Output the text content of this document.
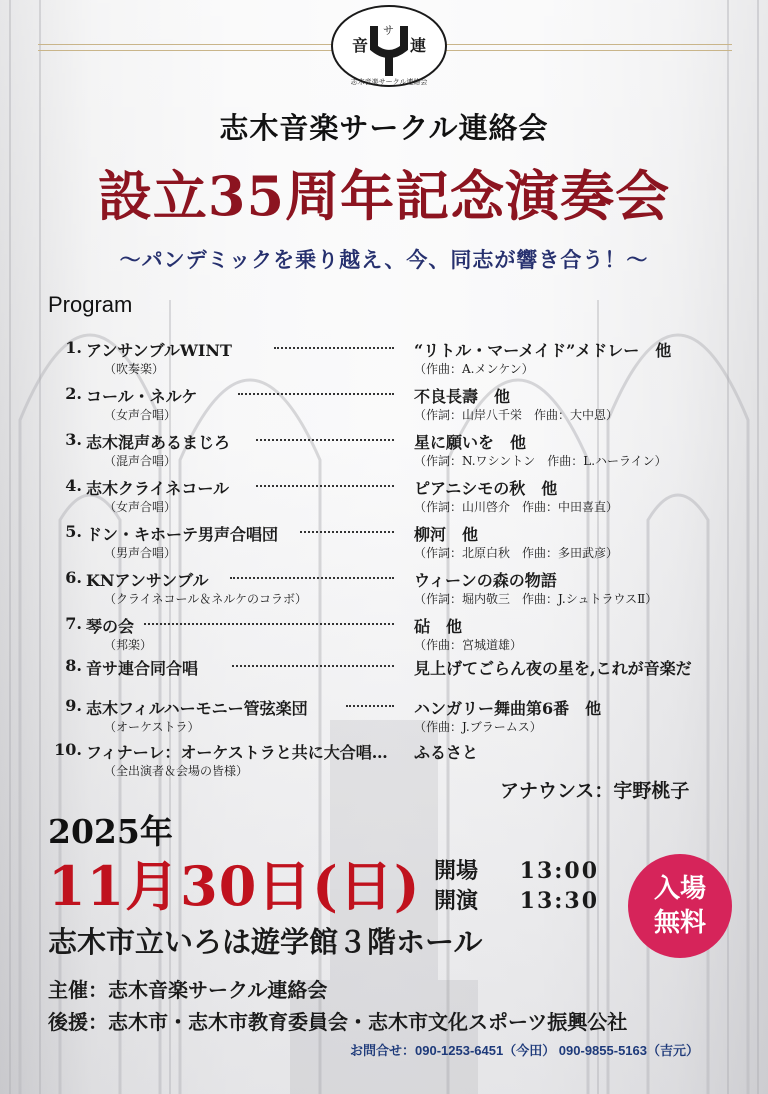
音
サ
連
志木音楽サークル連絡会
志木音楽サークル連絡会
設立35周年記念演奏会
～パンデミックを乗り越え、今、同志が響き合う！～
Program
1. アンサンブルWINT
（吹奏楽）
“リトル・マーメイド”メドレー　他
（作曲：A.メンケン）
2. コール・ネルケ
（女声合唱）
不良長壽　他
（作詞：山岸八千栄　作曲：大中恩）
3. 志木混声あるまじろ
（混声合唱）
星に願いを　他
（作詞：N.ワシントン　作曲：L.ハーライン）
4. 志木クライネコール
（女声合唱）
ピアニシモの秋　他
（作詞：山川啓介　作曲：中田喜直）
5. ドン・キホーテ男声合唱団
（男声合唱）
柳河　他
（作詞：北原白秋　作曲：多田武彦）
6. KNアンサンブル
（クライネコール＆ネルケのコラボ）
ウィーンの森の物語
（作詞：堀内敬三　作曲：J.シュトラウスⅡ）
7. 琴の会
（邦楽）
砧　他
（作曲：宮城道雄）
8. 音サ連合同合唱	見上げてごらん夜の星を,これが音楽だ
9. 志木フィルハーモニー管弦楽団
（オーケストラ）
ハンガリー舞曲第6番　他
（作曲：J.ブラームス）
10. フィナーレ：オーケストラと共に大合唱…
（全出演者＆会場の皆様）
ふるさと
アナウンス：宇野桃子
2025年
11月30日(日) 開場 13:00
開演 13:30 入場
無料
志木市立いろは遊学館３階ホール
主催：志木音楽サークル連絡会
後援：志木市・志木市教育委員会・志木市文化スポーツ振興公社
お問合せ：090-1253-6451（今田） 090-9855-5163（吉元）
